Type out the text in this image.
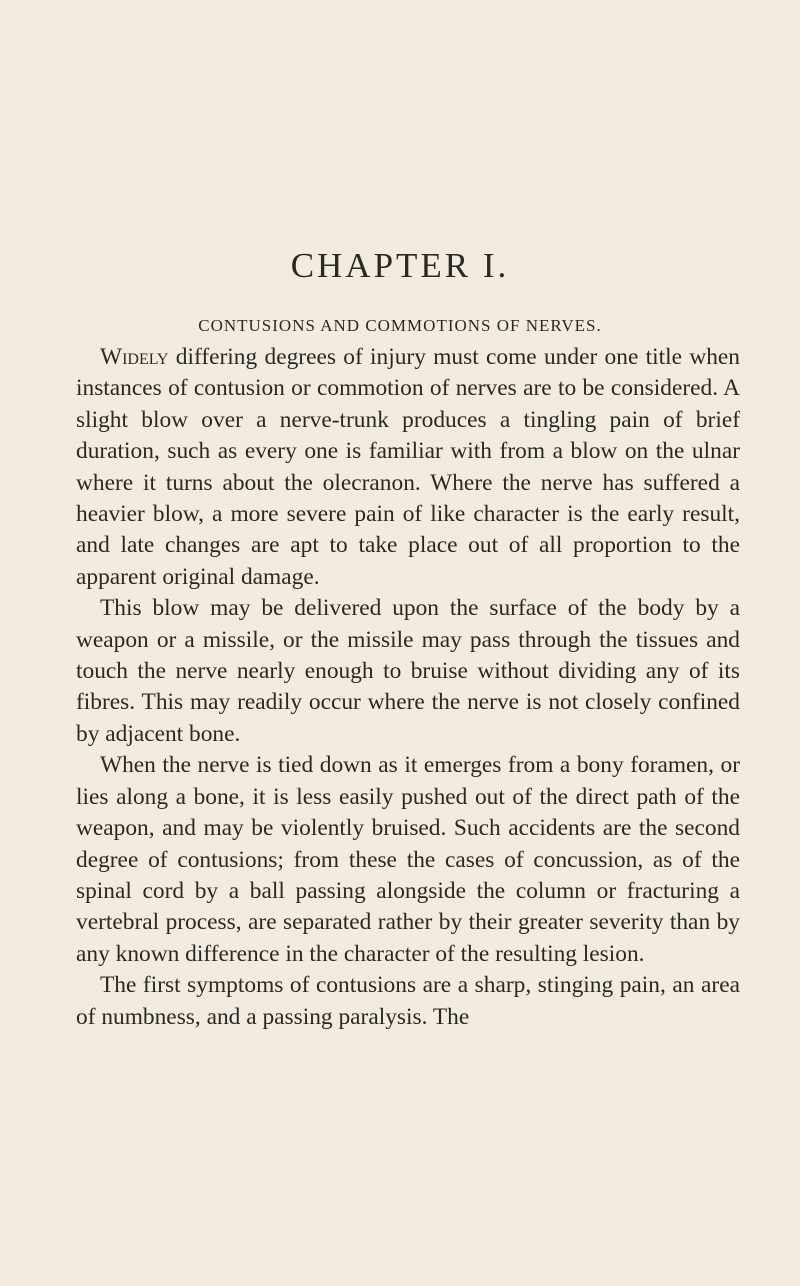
CHAPTER I.
CONTUSIONS AND COMMOTIONS OF NERVES.

Widely differing degrees of injury must come under one title when instances of contusion or commotion of nerves are to be considered. A slight blow over a nerve-trunk produces a tingling pain of brief duration, such as every one is familiar with from a blow on the ulnar where it turns about the olecranon. Where the nerve has suffered a heavier blow, a more severe pain of like character is the early result, and late changes are apt to take place out of all proportion to the apparent original damage.

This blow may be delivered upon the surface of the body by a weapon or a missile, or the missile may pass through the tissues and touch the nerve nearly enough to bruise without dividing any of its fibres. This may readily occur where the nerve is not closely confined by adjacent bone.

When the nerve is tied down as it emerges from a bony foramen, or lies along a bone, it is less easily pushed out of the direct path of the weapon, and may be violently bruised. Such accidents are the second degree of contusions; from these the cases of concussion, as of the spinal cord by a ball passing alongside the column or fracturing a vertebral process, are separated rather by their greater severity than by any known difference in the character of the resulting lesion.

The first symptoms of contusions are a sharp, stinging pain, an area of numbness, and a passing paralysis. The
